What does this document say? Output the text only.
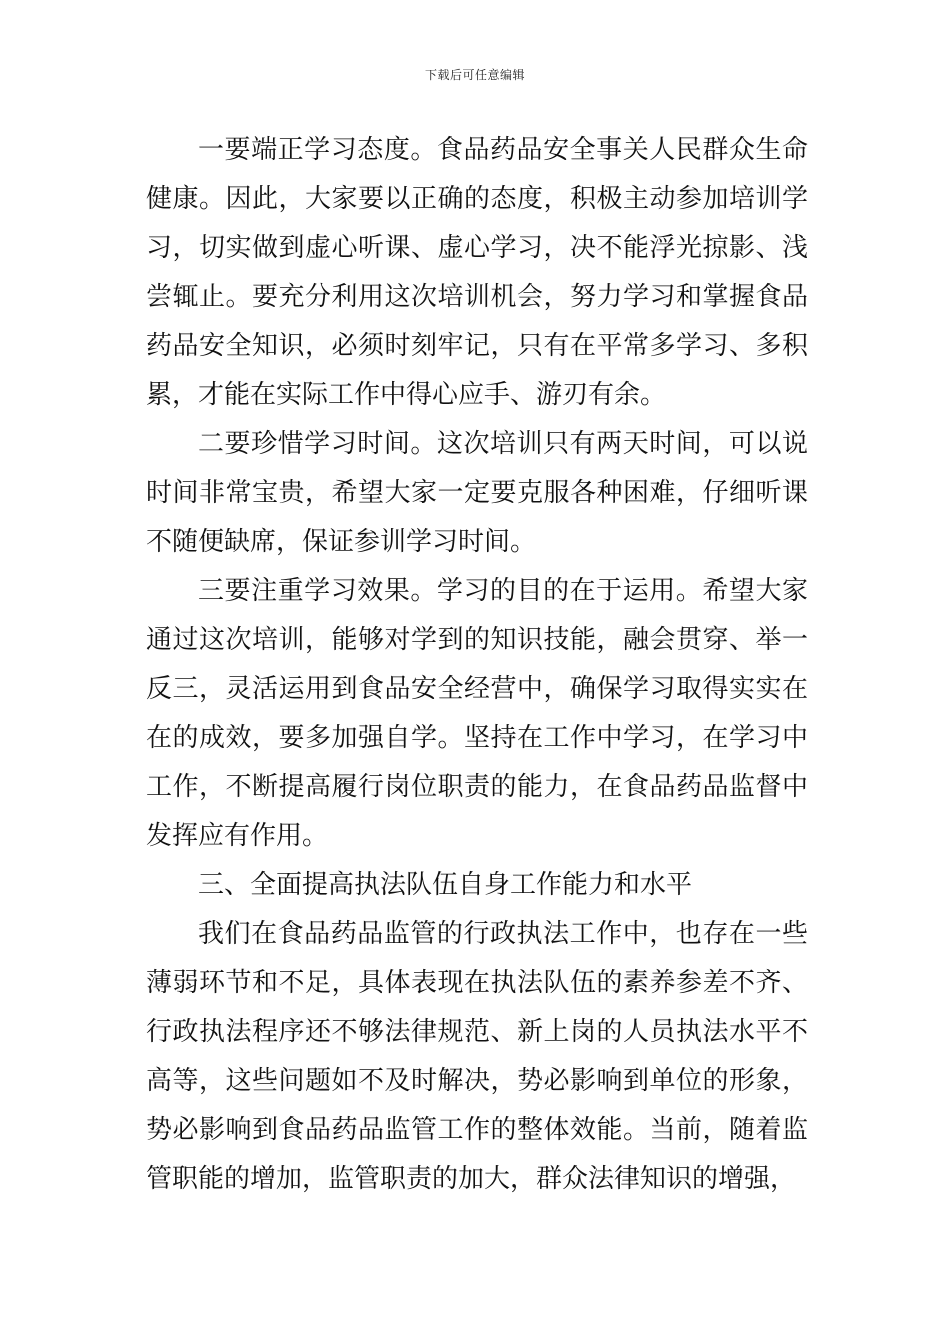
下载后可任意编辑

一要端正学习态度。食品药品安全事关人民群众生命健康。因此，大家要以正确的态度，积极主动参加培训学习，切实做到虚心听课、虚心学习，决不能浮光掠影、浅尝辄止。要充分利用这次培训机会，努力学习和掌握食品药品安全知识，必须时刻牢记，只有在平常多学习、多积累，才能在实际工作中得心应手、游刃有余。

二要珍惜学习时间。这次培训只有两天时间，可以说时间非常宝贵，希望大家一定要克服各种困难，仔细听课不随便缺席，保证参训学习时间。

三要注重学习效果。学习的目的在于运用。希望大家通过这次培训，能够对学到的知识技能，融会贯穿、举一反三，灵活运用到食品安全经营中，确保学习取得实实在在的成效，要多加强自学。坚持在工作中学习，在学习中工作，不断提高履行岗位职责的能力，在食品药品监督中发挥应有作用。

三、全面提高执法队伍自身工作能力和水平

我们在食品药品监管的行政执法工作中，也存在一些薄弱环节和不足，具体表现在执法队伍的素养参差不齐、行政执法程序还不够法律规范、新上岗的人员执法水平不高等，这些问题如不及时解决，势必影响到单位的形象，势必影响到食品药品监管工作的整体效能。当前，随着监管职能的增加，监管职责的加大，群众法律知识的增强，
